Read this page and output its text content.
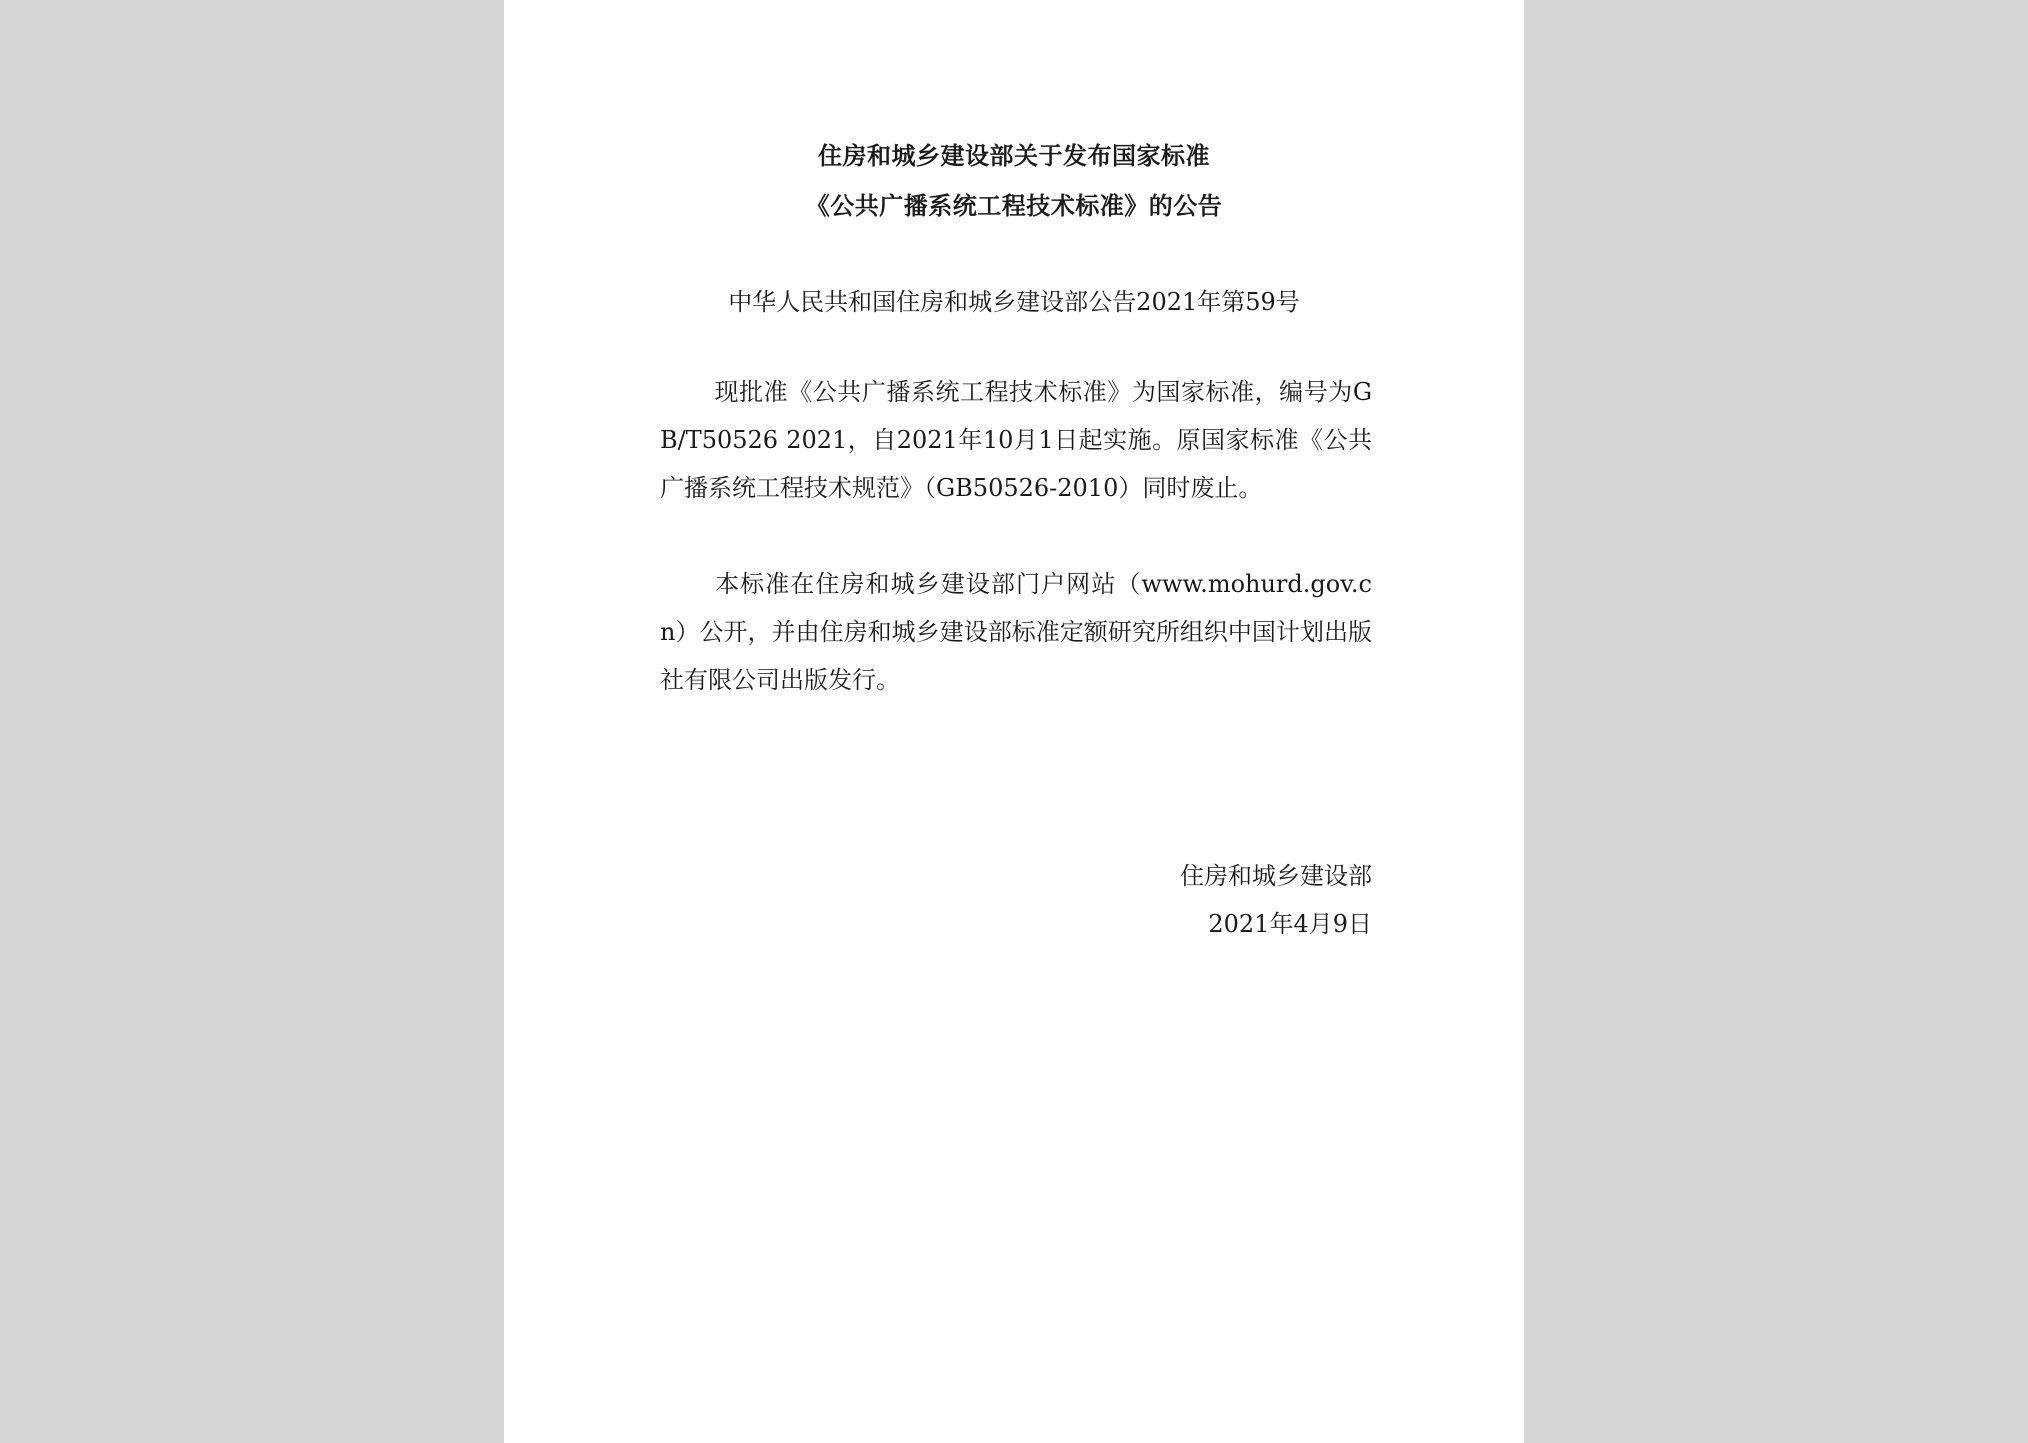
住房和城乡建设部关于发布国家标准
《公共广播系统工程技术标准》的公告
中华人民共和国住房和城乡建设部公告2021年第59号
现批准《公共广播系统工程技术标准》为国家标准，编号为GB/T50526 2021，自2021年10月1日起实施。原国家标准《公共广播系统工程技术规范》（GB50526-2010）同时废止。
本标准在住房和城乡建设部门户网站（www.mohurd.gov.cn）公开，并由住房和城乡建设部标准定额研究所组织中国计划出版社有限公司出版发行。
住房和城乡建设部
2021年4月9日
